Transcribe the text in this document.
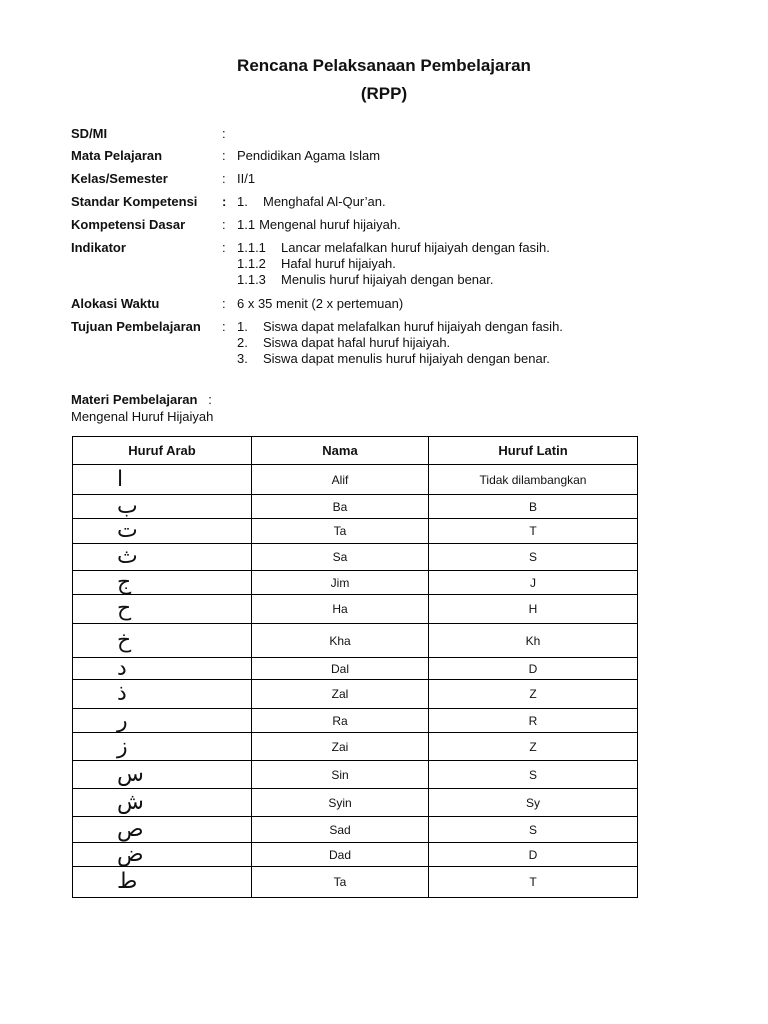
Rencana Pelaksanaan Pembelajaran
(RPP)
SD/MI	:
Mata Pelajaran	: Pendidikan Agama Islam
Kelas/Semester	: II/1
Standar Kompetensi	: 1. Menghafal Al-Qur’an.
Kompetensi Dasar	: 1.1 Mengenal huruf hijaiyah.
Indikator	: 1.1.1 Lancar melafalkan huruf hijaiyah dengan fasih.
1.1.2 Hafal huruf hijaiyah.
1.1.3 Menulis huruf hijaiyah dengan benar.
Alokasi Waktu	: 6 x 35 menit (2 x pertemuan)
Tujuan Pembelajaran	: 1. Siswa dapat melafalkan huruf hijaiyah dengan fasih.
2. Siswa dapat hafal huruf hijaiyah.
3. Siswa dapat menulis huruf hijaiyah dengan benar.
Materi Pembelajaran   :
Mengenal Huruf Hijaiyah
Huruf Arab	Nama	Huruf Latin
ا	Alif	Tidak dilambangkan
ب	Ba	B
ت	Ta	T
ث	Sa	S
ج	Jim	J
ح	Ha	H
خ	Kha	Kh
د	Dal	D
ذ	Zal	Z
ر	Ra	R
ز	Zai	Z
س	Sin	S
ش	Syin	Sy
ص	Sad	S
ض	Dad	D
ط	Ta	T
